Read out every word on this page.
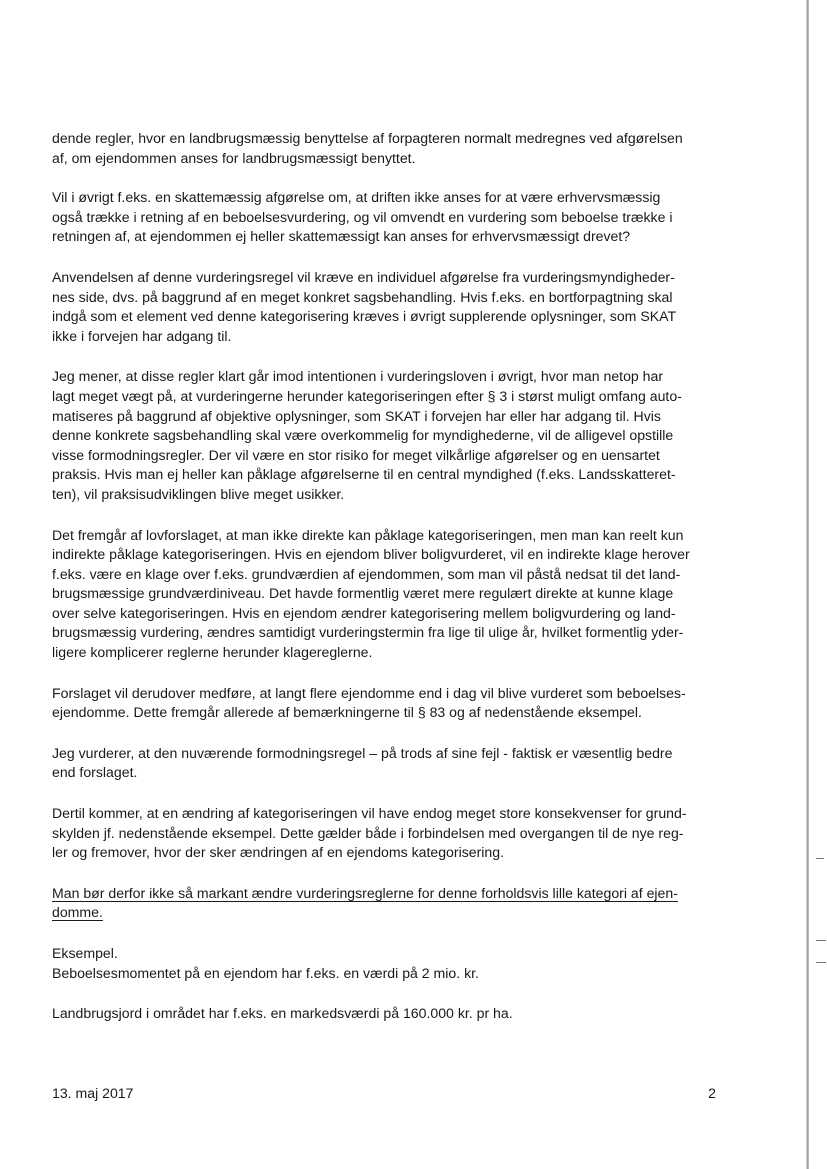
dende regler, hvor en landbrugsmæssig benyttelse af forpagteren normalt medregnes ved afgørelsen
af, om ejendommen anses for landbrugsmæssigt benyttet.

Vil i øvrigt f.eks. en skattemæssig afgørelse om, at driften ikke anses for at være erhvervsmæssig
også trække i retning af en beboelsesvurdering, og vil omvendt en vurdering som beboelse trække i
retningen af, at ejendommen ej heller skattemæssigt kan anses for erhvervsmæssigt drevet?

Anvendelsen af denne vurderingsregel vil kræve en individuel afgørelse fra vurderingsmyndigheder-
nes side, dvs. på baggrund af en meget konkret sagsbehandling. Hvis f.eks. en bortforpagtning skal
indgå som et element ved denne kategorisering kræves i øvrigt supplerende oplysninger, som SKAT
ikke i forvejen har adgang til.

Jeg mener, at disse regler klart går imod intentionen i vurderingsloven i øvrigt, hvor man netop har
lagt meget vægt på, at vurderingerne herunder kategoriseringen efter § 3 i størst muligt omfang auto-
matiseres på baggrund af objektive oplysninger, som SKAT i forvejen har eller har adgang til. Hvis
denne konkrete sagsbehandling skal være overkommelig for myndighederne, vil de alligevel opstille
visse formodningsregler. Der vil være en stor risiko for meget vilkårlige afgørelser og en uensartet
praksis. Hvis man ej heller kan påklage afgørelserne til en central myndighed (f.eks. Landsskatteret-
ten), vil praksisudviklingen blive meget usikker.

Det fremgår af lovforslaget, at man ikke direkte kan påklage kategoriseringen, men man kan reelt kun
indirekte påklage kategoriseringen. Hvis en ejendom bliver boligvurderet, vil en indirekte klage herover
f.eks. være en klage over f.eks. grundværdien af ejendommen, som man vil påstå nedsat til det land-
brugsmæssige grundværdiniveau. Det havde formentlig været mere regulært direkte at kunne klage
over selve kategoriseringen. Hvis en ejendom ændrer kategorisering mellem boligvurdering og land-
brugsmæssig vurdering, ændres samtidigt vurderingstermin fra lige til ulige år, hvilket formentlig yder-
ligere komplicerer reglerne herunder klagereglerne.

Forslaget vil derudover medføre, at langt flere ejendomme end i dag vil blive vurderet som beboelses-
ejendomme. Dette fremgår allerede af bemærkningerne til § 83 og af nedenstående eksempel.

Jeg vurderer, at den nuværende formodningsregel – på trods af sine fejl - faktisk er væsentlig bedre
end forslaget.

Dertil kommer, at en ændring af kategoriseringen vil have endog meget store konsekvenser for grund-
skylden jf. nedenstående eksempel. Dette gælder både i forbindelsen med overgangen til de nye reg-
ler og fremover, hvor der sker ændringen af en ejendoms kategorisering.

Man bør derfor ikke så markant ændre vurderingsreglerne for denne forholdsvis lille kategori af ejen-
domme.

Eksempel.
Beboelsesmomentet på en ejendom har f.eks. en værdi på 2 mio. kr.

Landbrugsjord i området har f.eks. en markedsværdi på 160.000 kr. pr ha.

13. maj 2017	2
